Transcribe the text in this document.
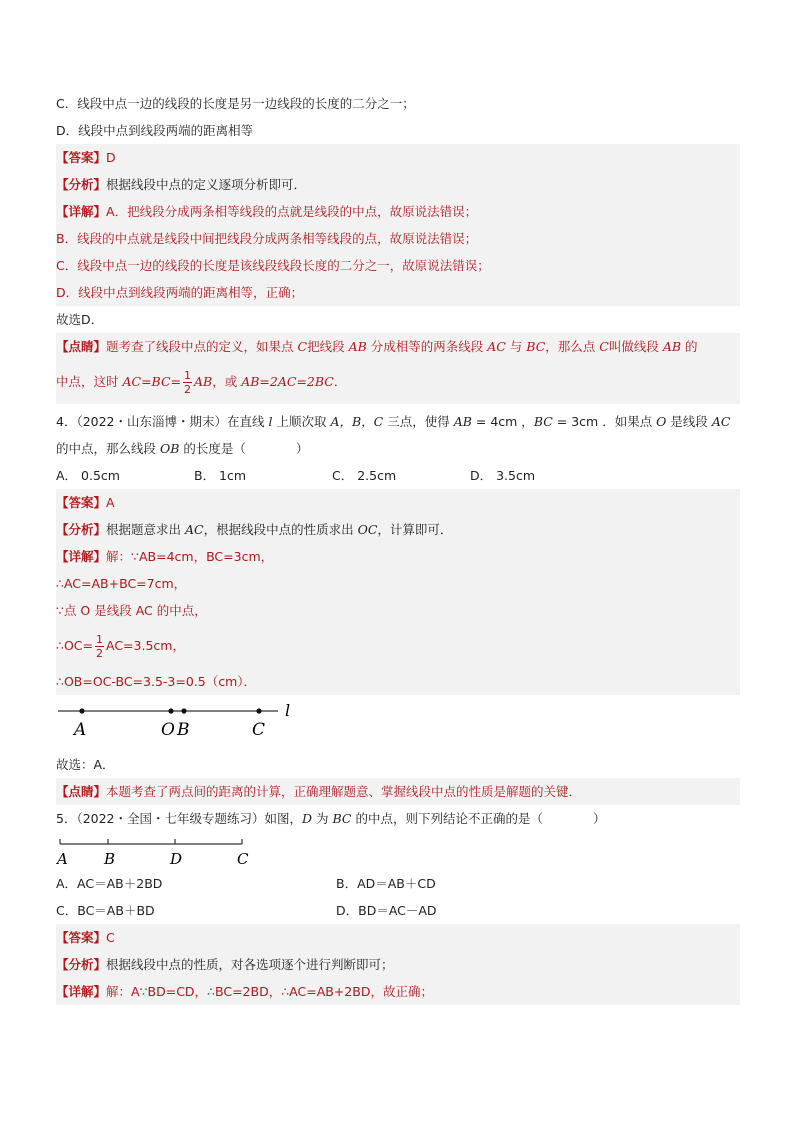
C．线段中点一边的线段的长度是另一边线段的长度的二分之一；
D．线段中点到线段两端的距离相等
【答案】D
【分析】根据线段中点的定义逐项分析即可．
【详解】A．把线段分成两条相等线段的点就是线段的中点，故原说法错误；
B．线段的中点就是线段中间把线段分成两条相等线段的点，故原说法错误；
C．线段中点一边的线段的长度是该线段线段长度的二分之一，故原说法错误；
D．线段中点到线段两端的距离相等，正确；
故选D．
【点睛】题考查了线段中点的定义，如果点 C把线段 AB 分成相等的两条线段 AC 与 BC，那么点 C叫做线段 AB 的
中点，这时 $AC=BC= \frac{1}{2}$ AB，或 AB=2AC=2BC．
4．（2022・山东淄博・期末）在直线 l 上顺次取 A，B，C 三点，使得 AB = 4cm ，BC = 3cm ．如果点 O 是线段 AC
的中点，那么线段 OB 的长度是（　　　　）
A． 0.5cm	B． 1cm	C． 2.5cm	D． 3.5cm
【答案】A
【分析】根据题意求出 AC，根据线段中点的性质求出 OC，计算即可．
【详解】解：∵AB=4cm，BC=3cm，
∴AC=AB+BC=7cm，
∵点 O 是线段 AC 的中点，
∴OC= $\frac{1}{2} AC=3.5cm$，
∴OB=OC-BC=3.5-3=0.5（cm）．
A	O B	C
l
故选：A．
【点睛】本题考查了两点间的距离的计算，正确理解题意、掌握线段中点的性质是解题的关键．
5．（2022・全国・七年级专题练习）如图，D 为 BC 的中点，则下列结论不正确的是（　　　　）
A B	D	C
A．AC＝AB＋2BD	B．AD＝AB＋CD
C．BC＝AB＋BD	D．BD＝AC－AD
【答案】C
【分析】根据线段中点的性质，对各选项逐个进行判断即可；
【详解】解：A∵BD=CD，∴BC=2BD，∴AC=AB+2BD，故正确；
